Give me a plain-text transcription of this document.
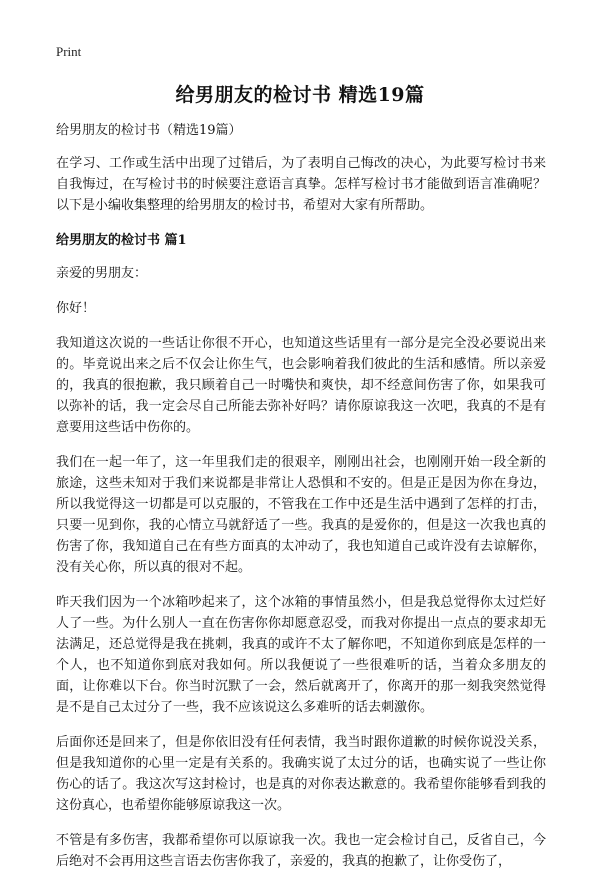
Print
给男朋友的检讨书 精选19篇

给男朋友的检讨书（精选19篇）

在学习、工作或生活中出现了过错后，为了表明自己悔改的决心，为此要写检讨书来自我悔过，在写检讨书的时候要注意语言真挚。怎样写检讨书才能做到语言准确呢？以下是小编收集整理的给男朋友的检讨书，希望对大家有所帮助。

给男朋友的检讨书 篇1

亲爱的男朋友：

你好！

我知道这次说的一些话让你很不开心，也知道这些话里有一部分是完全没必要说出来的。毕竟说出来之后不仅会让你生气，也会影响着我们彼此的生活和感情。所以亲爱的，我真的很抱歉，我只顾着自己一时嘴快和爽快，却不经意间伤害了你，如果我可以弥补的话，我一定会尽自己所能去弥补好吗？请你原谅我这一次吧，我真的不是有意要用这些话中伤你的。

我们在一起一年了，这一年里我们走的很艰辛，刚刚出社会，也刚刚开始一段全新的旅途，这些未知对于我们来说都是非常让人恐惧和不安的。但是正是因为你在身边，所以我觉得这一切都是可以克服的，不管我在工作中还是生活中遇到了怎样的打击，只要一见到你，我的心情立马就舒适了一些。我真的是爱你的，但是这一次我也真的伤害了你，我知道自己在有些方面真的太冲动了，我也知道自己或许没有去谅解你，没有关心你，所以真的很对不起。

昨天我们因为一个冰箱吵起来了，这个冰箱的事情虽然小，但是我总觉得你太过烂好人了一些。为什么别人一直在伤害你你却愿意忍受，而我对你提出一点点的要求却无法满足，还总觉得是我在挑刺，我真的或许不太了解你吧，不知道你到底是怎样的一个人，也不知道你到底对我如何。所以我便说了一些很难听的话，当着众多朋友的面，让你难以下台。你当时沉默了一会，然后就离开了，你离开的那一刻我突然觉得是不是自己太过分了一些，我不应该说这么多难听的话去刺激你。

后面你还是回来了，但是你依旧没有任何表情，我当时跟你道歉的时候你说没关系，但是我知道你的心里一定是有关系的。我确实说了太过分的话，也确实说了一些让你伤心的话了。我这次写这封检讨，也是真的对你表达歉意的。我希望你能够看到我的这份真心，也希望你能够原谅我这一次。

不管是有多伤害，我都希望你可以原谅我一次。我也一定会检讨自己，反省自己，今后绝对不会再用这些言语去伤害你我了，亲爱的，我真的抱歉了，让你受伤了，
